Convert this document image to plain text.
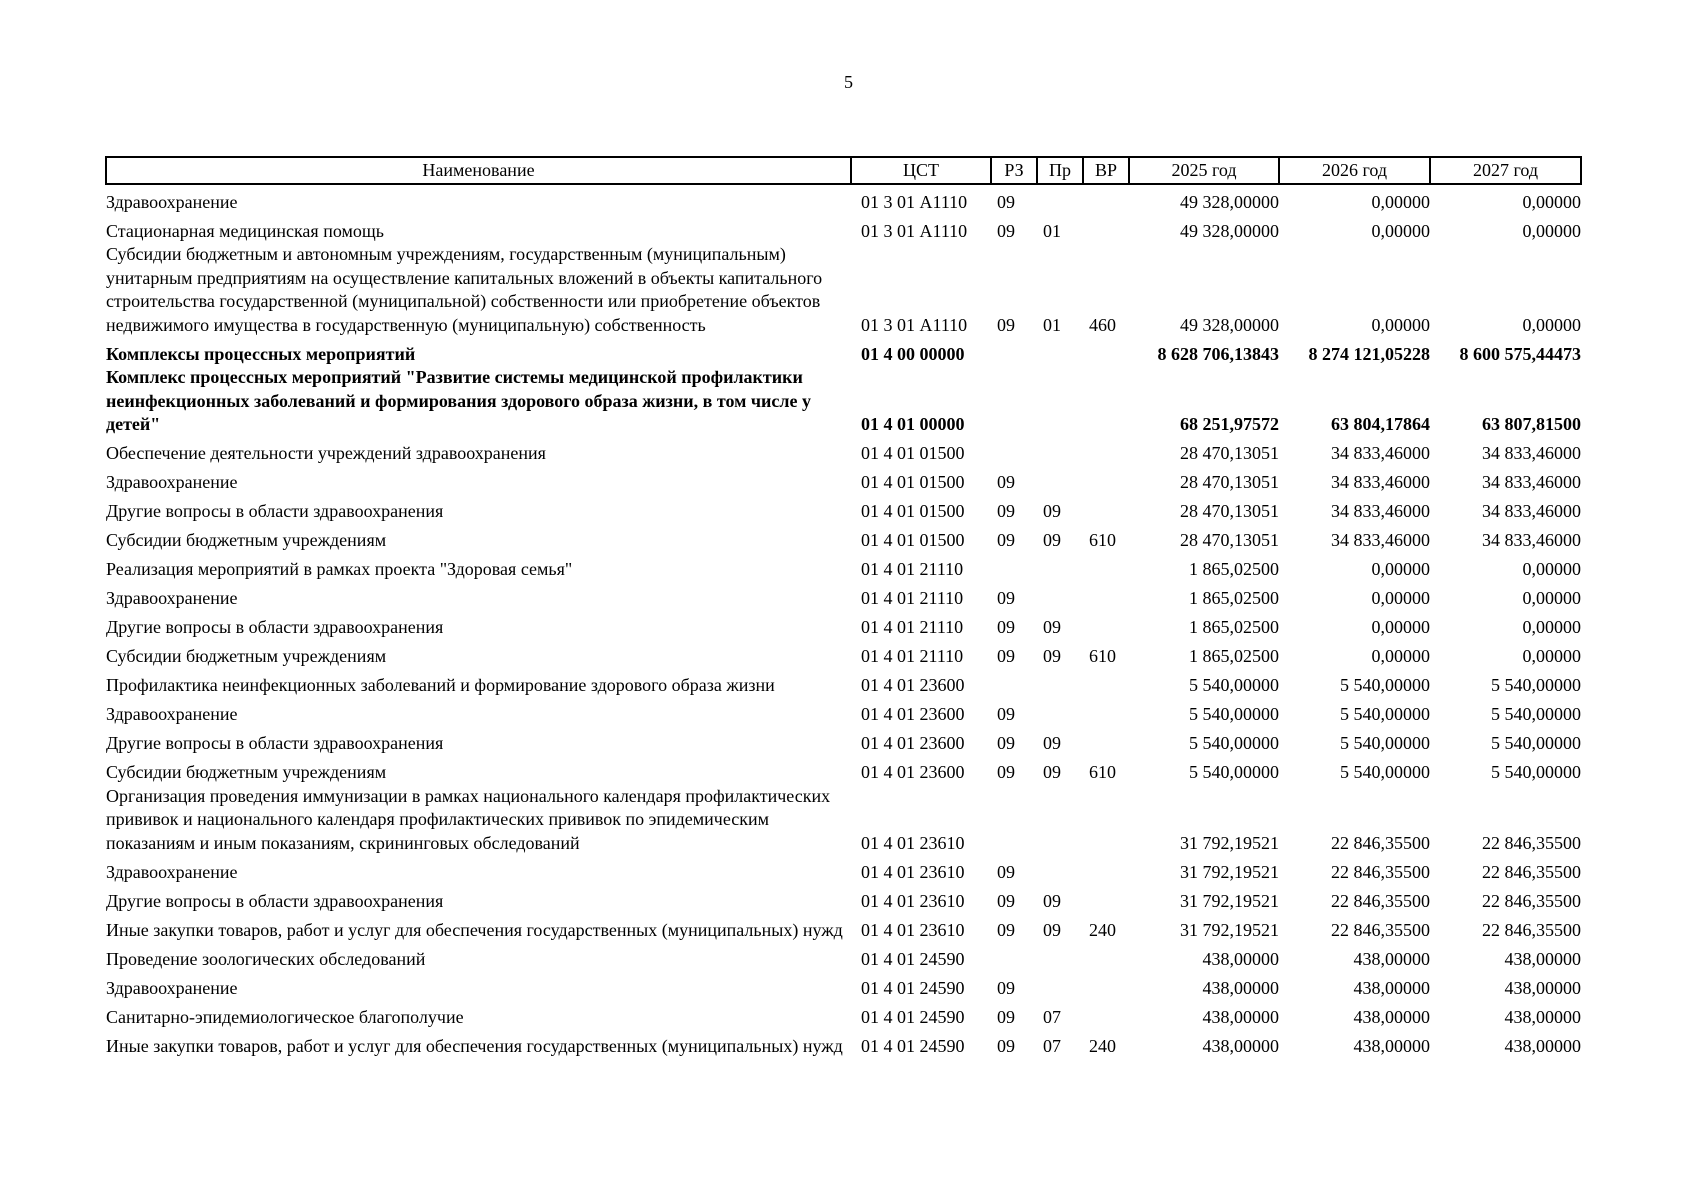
5
Наименование	ЦСТ	РЗ	Пр	ВР	2025 год	2026 год	2027 год
Здравоохранение	01 3 01 А1110	09			49 328,00000	0,00000	0,00000
Стационарная медицинская помощь	01 3 01 А1110	09	01		49 328,00000	0,00000	0,00000
Субсидии бюджетным и автономным учреждениям, государственным (муниципальным) унитарным предприятиям на осуществление капитальных вложений в объекты капитального строительства государственной (муниципальной) собственности или приобретение объектов недвижимого имущества в государственную (муниципальную) собственность	01 3 01 А1110	09	01	460	49 328,00000	0,00000	0,00000
Комплексы процессных мероприятий	01 4 00 00000				8 628 706,13843	8 274 121,05228	8 600 575,44473
Комплекс процессных мероприятий "Развитие системы медицинской профилактики неинфекционных заболеваний и формирования здорового образа жизни, в том числе у детей"	01 4 01 00000				68 251,97572	63 804,17864	63 807,81500
Обеспечение деятельности учреждений здравоохранения	01 4 01 01500				28 470,13051	34 833,46000	34 833,46000
Здравоохранение	01 4 01 01500	09			28 470,13051	34 833,46000	34 833,46000
Другие вопросы в области здравоохранения	01 4 01 01500	09	09		28 470,13051	34 833,46000	34 833,46000
Субсидии бюджетным учреждениям	01 4 01 01500	09	09	610	28 470,13051	34 833,46000	34 833,46000
Реализация мероприятий в рамках проекта "Здоровая семья"	01 4 01 21110				1 865,02500	0,00000	0,00000
Здравоохранение	01 4 01 21110	09			1 865,02500	0,00000	0,00000
Другие вопросы в области здравоохранения	01 4 01 21110	09	09		1 865,02500	0,00000	0,00000
Субсидии бюджетным учреждениям	01 4 01 21110	09	09	610	1 865,02500	0,00000	0,00000
Профилактика неинфекционных заболеваний и формирование здорового образа жизни	01 4 01 23600				5 540,00000	5 540,00000	5 540,00000
Здравоохранение	01 4 01 23600	09			5 540,00000	5 540,00000	5 540,00000
Другие вопросы в области здравоохранения	01 4 01 23600	09	09		5 540,00000	5 540,00000	5 540,00000
Субсидии бюджетным учреждениям	01 4 01 23600	09	09	610	5 540,00000	5 540,00000	5 540,00000
Организация проведения иммунизации в рамках национального календаря профилактических прививок и национального календаря профилактических прививок по эпидемическим показаниям и иным показаниям, скрининговых обследований	01 4 01 23610				31 792,19521	22 846,35500	22 846,35500
Здравоохранение	01 4 01 23610	09			31 792,19521	22 846,35500	22 846,35500
Другие вопросы в области здравоохранения	01 4 01 23610	09	09		31 792,19521	22 846,35500	22 846,35500
Иные закупки товаров, работ и услуг для обеспечения государственных (муниципальных) нужд	01 4 01 23610	09	09	240	31 792,19521	22 846,35500	22 846,35500
Проведение зоологических обследований	01 4 01 24590				438,00000	438,00000	438,00000
Здравоохранение	01 4 01 24590	09			438,00000	438,00000	438,00000
Санитарно-эпидемиологическое благополучие	01 4 01 24590	09	07		438,00000	438,00000	438,00000
Иные закупки товаров, работ и услуг для обеспечения государственных (муниципальных) нужд	01 4 01 24590	09	07	240	438,00000	438,00000	438,00000
